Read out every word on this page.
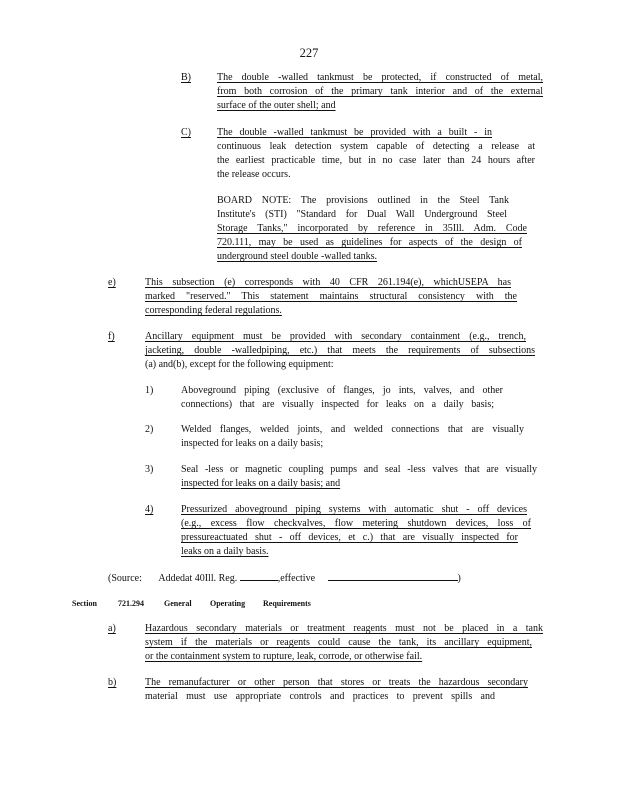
227
B)	The double -walled tankmust be protected, if constructed of metal,
from both corrosion of the primary tank interior and of the external
surface of the outer shell; and
C)	The double -walled tankmust be provided with a built - in
continuous leak detection system capable of detecting a release at
the earliest practicable time, but in no case later than 24 hours after
the release occurs.
BOARD NOTE: The provisions outlined in the Steel Tank
Institute's (STI) "Standard for Dual Wall Underground Steel
Storage Tanks," incorporated by reference in 35Ill. Adm. Code
720.111, may be used as guidelines for aspects of the design of
underground steel double -walled tanks.
e)	This subsection (e) corresponds with 40 CFR 261.194(e), whichUSEPA has
marked "reserved." This statement maintains structural consistency with the
corresponding federal regulations.
f)	Ancillary equipment must be provided with secondary containment (e.g., trench,
jacketing, double -walledpiping, etc.) that meets the requirements of subsections
(a) and(b), except for the following equipment:
1)	Aboveground piping (exclusive of flanges, jo ints, valves, and other
connections) that are visually inspected for leaks on a daily basis;
2)	Welded flanges, welded joints, and welded connections that are visually
inspected for leaks on a daily basis;
3)	Seal -less or magnetic coupling pumps and seal -less valves that are visually
inspected for leaks on a daily basis; and
4)	Pressurized aboveground piping systems with automatic shut - off devices
(e.g., excess flow checkvalves, flow metering shutdown devices, loss of
pressureactuated shut - off devices, et c.) that are visually inspected for
leaks on a daily basis.
(Source: Addedat 40Ill. Reg.	,effective	)
Section	721.294	General Operating Requirements
a)	Hazardous secondary materials or treatment reagents must not be placed in a tank
system if the materials or reagents could cause the tank, its ancillary equipment,
or the containment system to rupture, leak, corrode, or otherwise fail.
b)	The remanufacturer or other person that stores or treats the hazardous secondary
material must use appropriate controls and practices to prevent spills and
